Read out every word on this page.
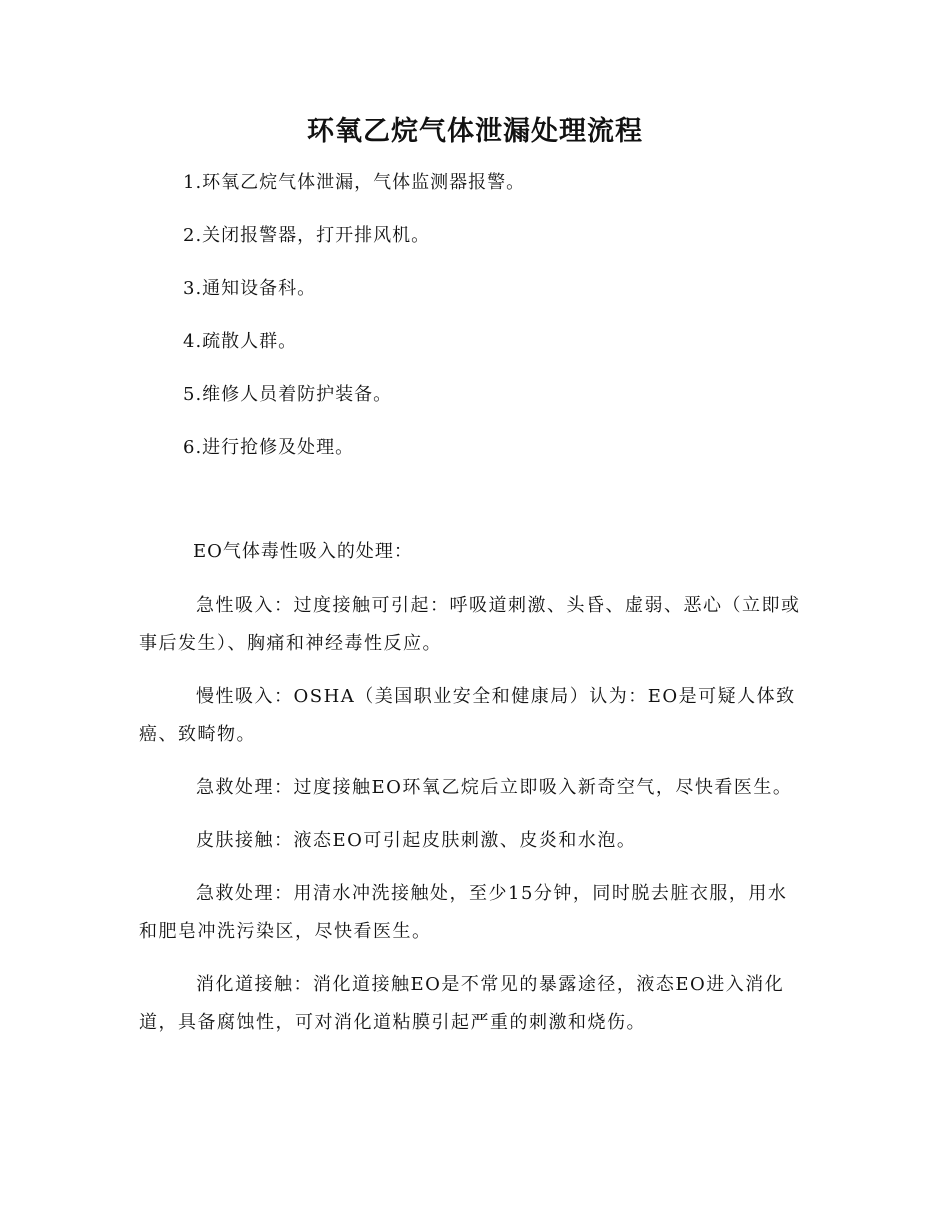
环氧乙烷气体泄漏处理流程
1.环氧乙烷气体泄漏，气体监测器报警。
2.关闭报警器，打开排风机。
3.通知设备科。
4.疏散人群。
5.维修人员着防护装备。
6.进行抢修及处理。
EO气体毒性吸入的处理：

急性吸入：过度接触可引起：呼吸道刺激、头昏、虚弱、恶心（立即或事后发生）、胸痛和神经毒性反应。

慢性吸入：OSHA（美国职业安全和健康局）认为：EO是可疑人体致癌、致畸物。

急救处理：过度接触EO环氧乙烷后立即吸入新奇空气，尽快看医生。

皮肤接触：液态EO可引起皮肤刺激、皮炎和水泡。

急救处理：用清水冲洗接触处，至少15分钟，同时脱去脏衣服，用水和肥皂冲洗污染区，尽快看医生。

消化道接触：消化道接触EO是不常见的暴露途径，液态EO进入消化道，具备腐蚀性，可对消化道粘膜引起严重的刺激和烧伤。
